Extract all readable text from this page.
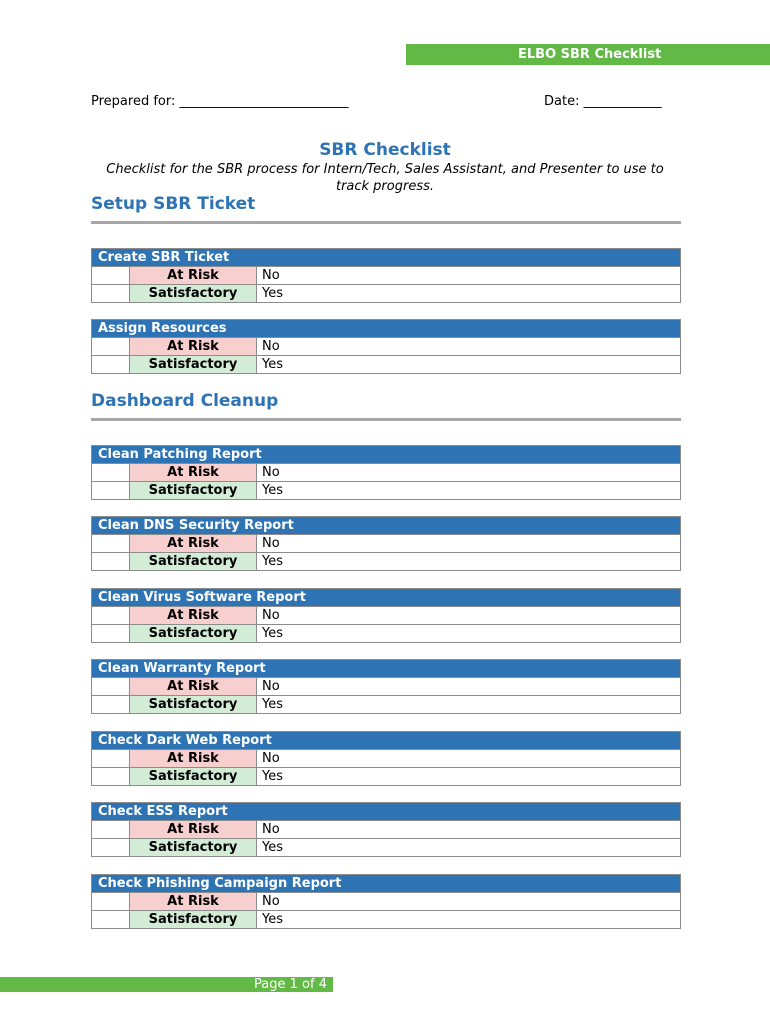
ELBO SBR Checklist
Prepared for: __________________________	Date: ____________
SBR Checklist
Checklist for the SBR process for Intern/Tech, Sales Assistant, and Presenter to use to track progress.
Setup SBR Ticket
Create SBR Ticket
At Risk	No
Satisfactory	Yes
Assign Resources
At Risk	No
Satisfactory	Yes
Dashboard Cleanup
Clean Patching Report
At Risk	No
Satisfactory	Yes
Clean DNS Security Report
At Risk	No
Satisfactory	Yes
Clean Virus Software Report
At Risk	No
Satisfactory	Yes
Clean Warranty Report
At Risk	No
Satisfactory	Yes
Check Dark Web Report
At Risk	No
Satisfactory	Yes
Check ESS Report
At Risk	No
Satisfactory	Yes
Check Phishing Campaign Report
At Risk	No
Satisfactory	Yes
Page 1 of 4
